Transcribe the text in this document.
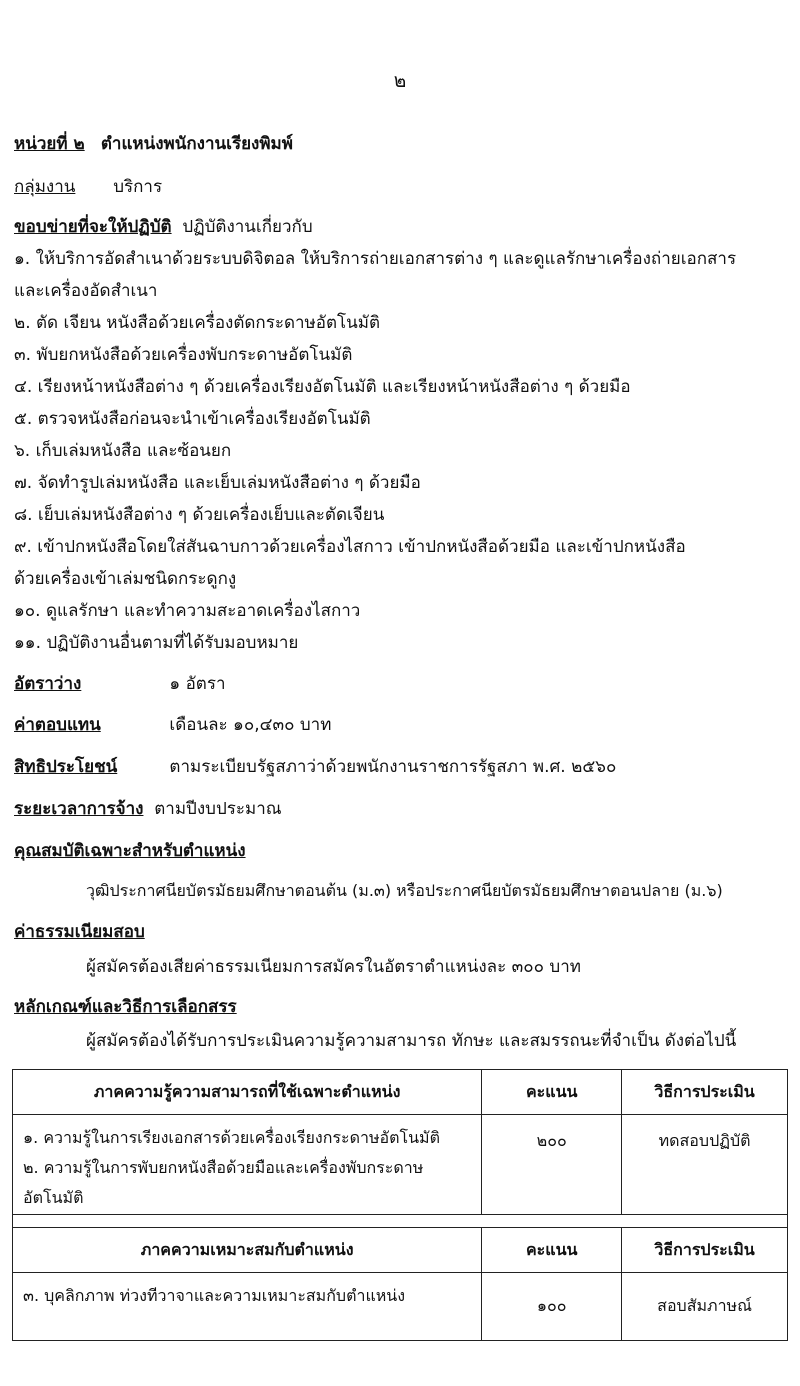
๒
หน่วยที่ ๒ ตำแหน่งพนักงานเรียงพิมพ์
กลุ่มงาน บริการ
ขอบข่ายที่จะให้ปฏิบัติ ปฏิบัติงานเกี่ยวกับ
๑. ให้บริการอัดสำเนาด้วยระบบดิจิตอล ให้บริการถ่ายเอกสารต่าง ๆ และดูแลรักษาเครื่องถ่ายเอกสาร
และเครื่องอัดสำเนา
๒. ตัด เจียน หนังสือด้วยเครื่องตัดกระดาษอัตโนมัติ
๓. พับยกหนังสือด้วยเครื่องพับกระดาษอัตโนมัติ
๔. เรียงหน้าหนังสือต่าง ๆ ด้วยเครื่องเรียงอัตโนมัติ และเรียงหน้าหนังสือต่าง ๆ ด้วยมือ
๕. ตรวจหนังสือก่อนจะนำเข้าเครื่องเรียงอัตโนมัติ
๖. เก็บเล่มหนังสือ และซ้อนยก
๗. จัดทำรูปเล่มหนังสือ และเย็บเล่มหนังสือต่าง ๆ ด้วยมือ
๘. เย็บเล่มหนังสือต่าง ๆ ด้วยเครื่องเย็บและตัดเจียน
๙. เข้าปกหนังสือโดยใส่สันฉาบกาวด้วยเครื่องไสกาว เข้าปกหนังสือด้วยมือ และเข้าปกหนังสือ
ด้วยเครื่องเข้าเล่มชนิดกระดูกงู
๑๐. ดูแลรักษา และทำความสะอาดเครื่องไสกาว
๑๑. ปฏิบัติงานอื่นตามที่ได้รับมอบหมาย
อัตราว่าง	๑ อัตรา
ค่าตอบแทน	เดือนละ ๑๐,๔๓๐ บาท
สิทธิประโยชน์	ตามระเบียบรัฐสภาว่าด้วยพนักงานราชการรัฐสภา พ.ศ. ๒๕๖๐
ระยะเวลาการจ้าง ตามปีงบประมาณ
คุณสมบัติเฉพาะสำหรับตำแหน่ง
วุฒิประกาศนียบัตรมัธยมศึกษาตอนต้น (ม.๓) หรือประกาศนียบัตรมัธยมศึกษาตอนปลาย (ม.๖)
ค่าธรรมเนียมสอบ
ผู้สมัครต้องเสียค่าธรรมเนียมการสมัครในอัตราตำแหน่งละ ๓๐๐ บาท
หลักเกณฑ์และวิธีการเลือกสรร
ผู้สมัครต้องได้รับการประเมินความรู้ความสามารถ ทักษะ และสมรรถนะที่จำเป็น ดังต่อไปนี้
ภาคความรู้ความสามารถที่ใช้เฉพาะตำแหน่ง	คะแนน	วิธีการประเมิน

๑. ความรู้ในการเรียงเอกสารด้วยเครื่องเรียงกระดาษอัตโนมัติ
๒. ความรู้ในการพับยกหนังสือด้วยมือและเครื่องพับกระดาษอัตโนมัติ	๒๐๐	ทดสอบปฏิบัติ

ภาคความเหมาะสมกับตำแหน่ง	คะแนน	วิธีการประเมิน

๓. บุคลิกภาพ ท่วงทีวาจาและความเหมาะสมกับตำแหน่ง	๑๐๐	สอบสัมภาษณ์
